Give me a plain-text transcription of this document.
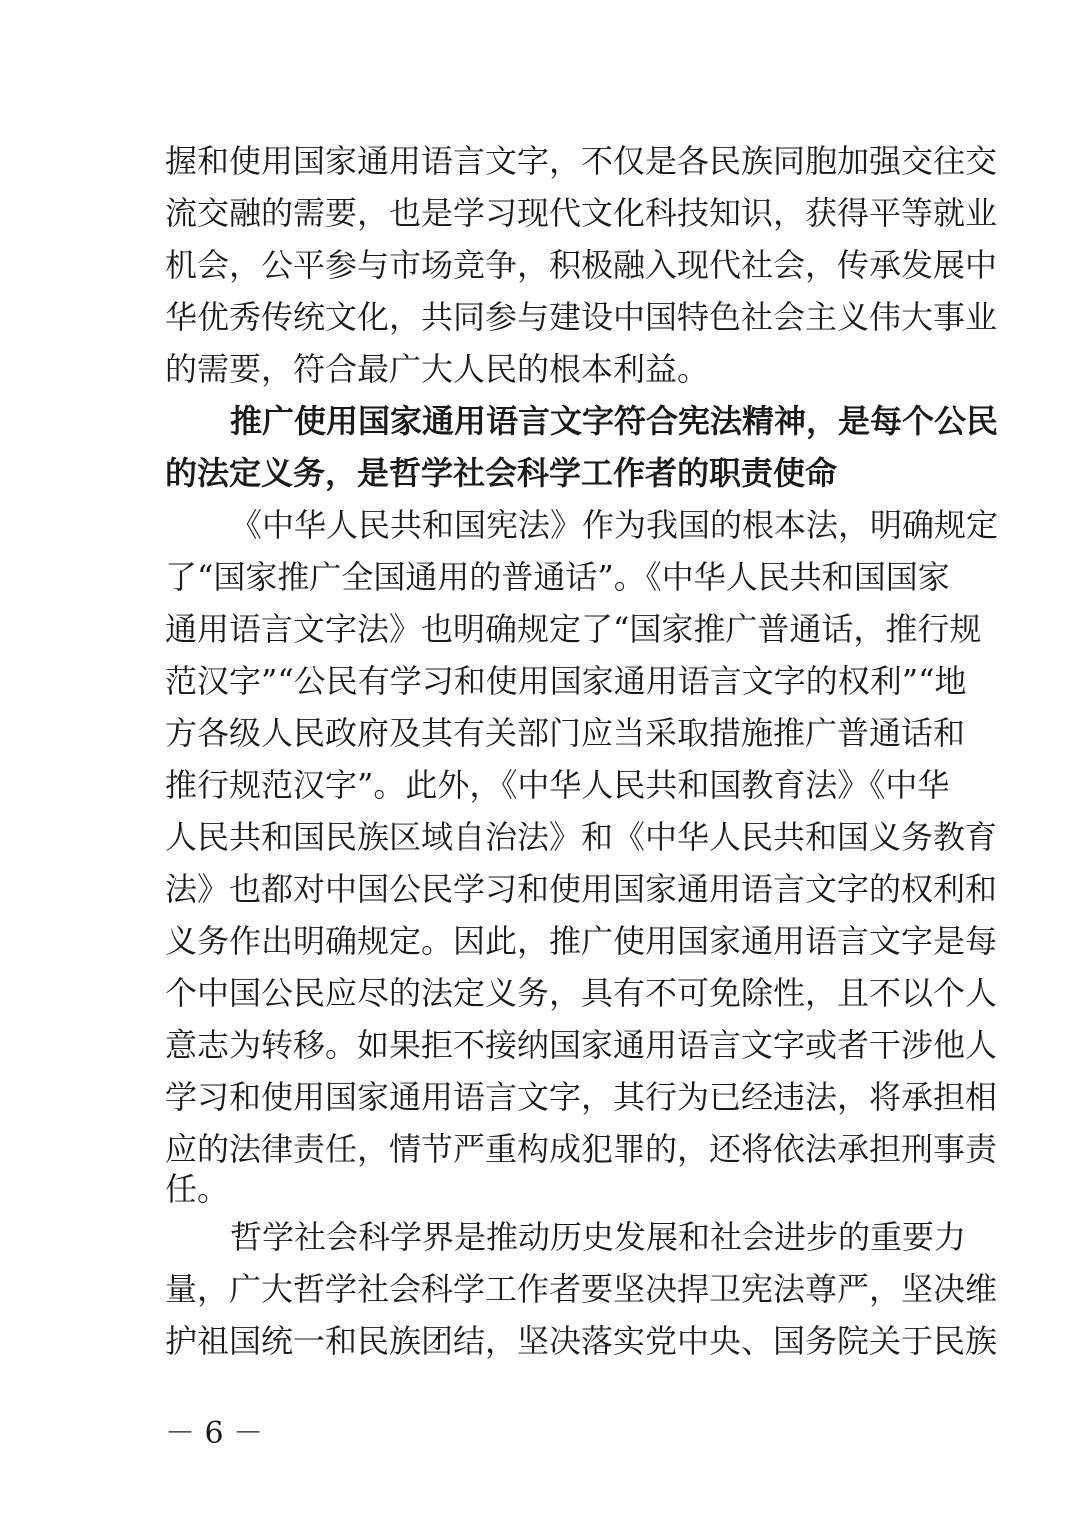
握和使用国家通用语言文字，不仅是各民族同胞加强交往交
流交融的需要，也是学习现代文化科技知识，获得平等就业
机会，公平参与市场竞争，积极融入现代社会，传承发展中
华优秀传统文化，共同参与建设中国特色社会主义伟大事业
的需要，符合最广大人民的根本利益。
推广使用国家通用语言文字符合宪法精神，是每个公民
的法定义务，是哲学社会科学工作者的职责使命
《中华人民共和国宪法》作为我国的根本法，明确规定
了“国家推广全国通用的普通话”。《中华人民共和国国家
通用语言文字法》也明确规定了“国家推广普通话，推行规
范汉字”“公民有学习和使用国家通用语言文字的权利”“地
方各级人民政府及其有关部门应当采取措施推广普通话和
推行规范汉字”。此外，《中华人民共和国教育法》《中华
人民共和国民族区域自治法》和《中华人民共和国义务教育
法》也都对中国公民学习和使用国家通用语言文字的权利和
义务作出明确规定。因此，推广使用国家通用语言文字是每
个中国公民应尽的法定义务，具有不可免除性，且不以个人
意志为转移。如果拒不接纳国家通用语言文字或者干涉他人
学习和使用国家通用语言文字，其行为已经违法，将承担相
应的法律责任，情节严重构成犯罪的，还将依法承担刑事责
任。
哲学社会科学界是推动历史发展和社会进步的重要力
量，广大哲学社会科学工作者要坚决捍卫宪法尊严，坚决维
护祖国统一和民族团结，坚决落实党中央、国务院关于民族
－ 6 －
